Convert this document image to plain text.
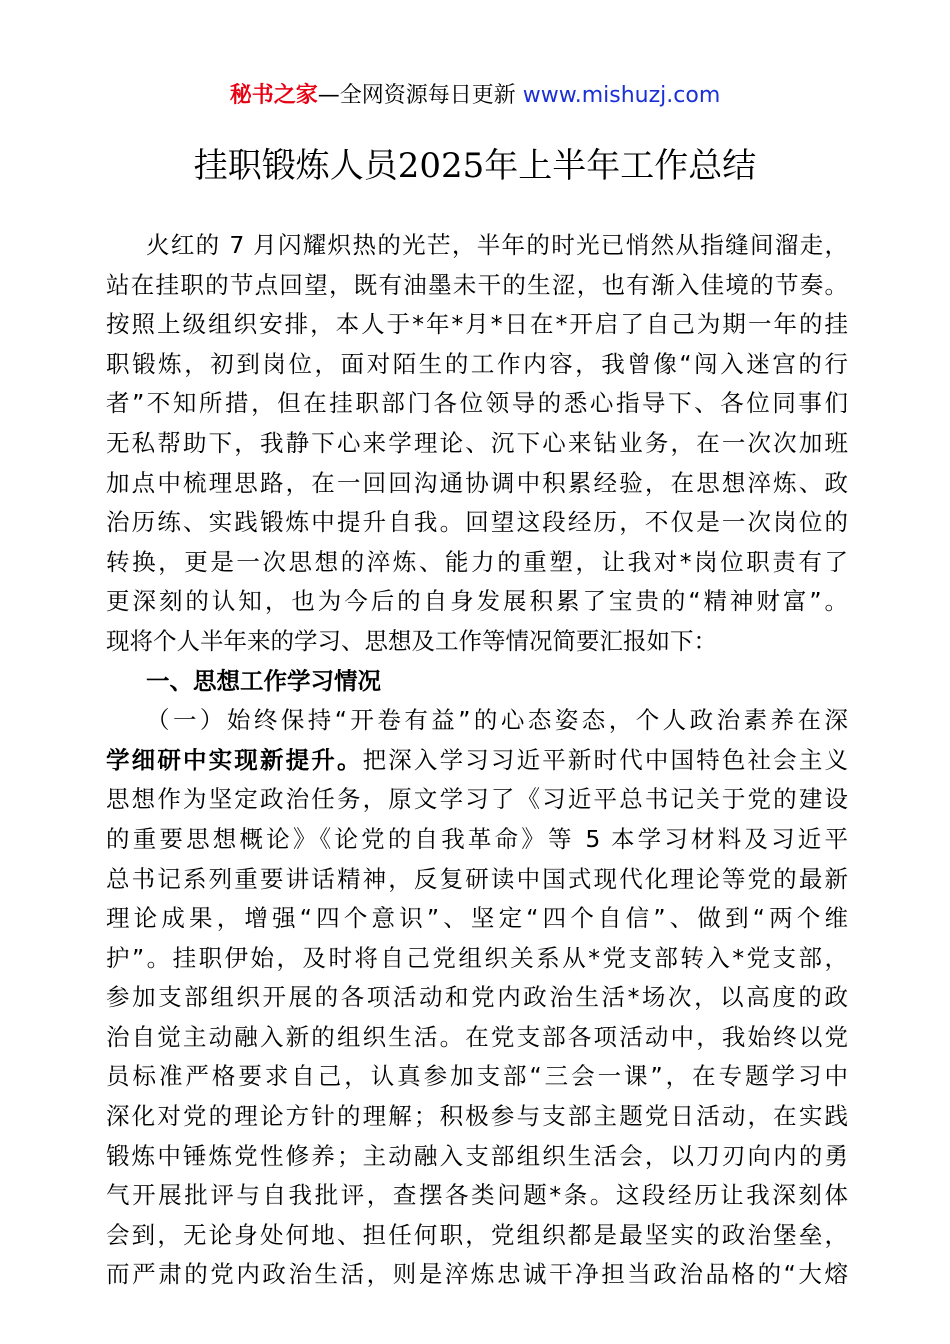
秘书之家—全网资源每日更新 www.mishuzj.com
挂职锻炼人员2025年上半年工作总结
火红的 7 月闪耀炽热的光芒，半年的时光已悄然从指缝间溜走，
站在挂职的节点回望，既有油墨未干的生涩，也有渐入佳境的节奏。
按照上级组织安排，本人于*年*月*日在*开启了自己为期一年的挂
职锻炼，初到岗位，面对陌生的工作内容，我曾像“闯入迷宫的行
者”不知所措，但在挂职部门各位领导的悉心指导下、各位同事们
无私帮助下，我静下心来学理论、沉下心来钻业务，在一次次加班
加点中梳理思路，在一回回沟通协调中积累经验，在思想淬炼、政
治历练、实践锻炼中提升自我。回望这段经历，不仅是一次岗位的
转换，更是一次思想的淬炼、能力的重塑，让我对*岗位职责有了
更深刻的认知，也为今后的自身发展积累了宝贵的“精神财富”。
现将个人半年来的学习、思想及工作等情况简要汇报如下：
一、思想工作学习情况
（一）始终保持“开卷有益”的心态姿态，个人政治素养在深
学细研中实现新提升。把深入学习习近平新时代中国特色社会主义
思想作为坚定政治任务，原文学习了《习近平总书记关于党的建设
的重要思想概论》《论党的自我革命》等 5 本学习材料及习近平
总书记系列重要讲话精神，反复研读中国式现代化理论等党的最新
理论成果，增强“四个意识”、坚定“四个自信”、做到“两个维
护”。挂职伊始，及时将自己党组织关系从*党支部转入*党支部，
参加支部组织开展的各项活动和党内政治生活*场次，以高度的政
治自觉主动融入新的组织生活。在党支部各项活动中，我始终以党
员标准严格要求自己，认真参加支部“三会一课”，在专题学习中
深化对党的理论方针的理解；积极参与支部主题党日活动，在实践
锻炼中锤炼党性修养；主动融入支部组织生活会，以刀刃向内的勇
气开展批评与自我批评，查摆各类问题*条。这段经历让我深刻体
会到，无论身处何地、担任何职，党组织都是最坚实的政治堡垒，
而严肃的党内政治生活，则是淬炼忠诚干净担当政治品格的“大熔
